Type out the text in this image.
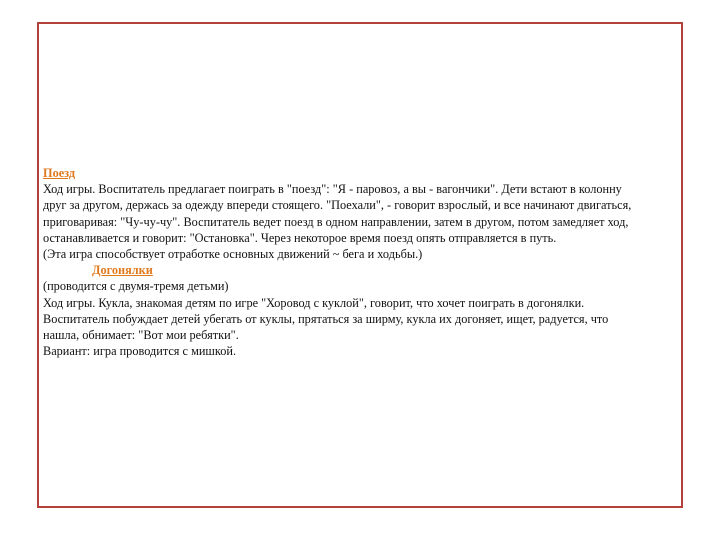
Поезд
Ход игры. Воспитатель предлагает поиграть в "поезд": "Я - паровоз, а вы - вагончики". Дети встают в колонну
друг за другом, держась за одежду впереди стоящего. "Поехали", - говорит взрослый, и все начинают двигаться,
приговаривая: "Чу-чу-чу". Воспитатель ведет поезд в одном направлении, затем в другом, потом замедляет ход,
останавливается и говорит: "Остановка". Через некоторое время поезд опять отправляется в путь.
(Эта игра способствует отработке основных движений ~ бега и ходьбы.)
Догонялки
(проводится с двумя-тремя детьми)
Ход игры. Кукла, знакомая детям по игре "Хоровод с куклой", говорит, что хочет поиграть в догонялки.
Воспитатель побуждает детей убегать от куклы, прятаться за ширму, кукла их догоняет, ищет, радуется, что
нашла, обнимает: "Вот мои ребятки".
Вариант: игра проводится с мишкой.
